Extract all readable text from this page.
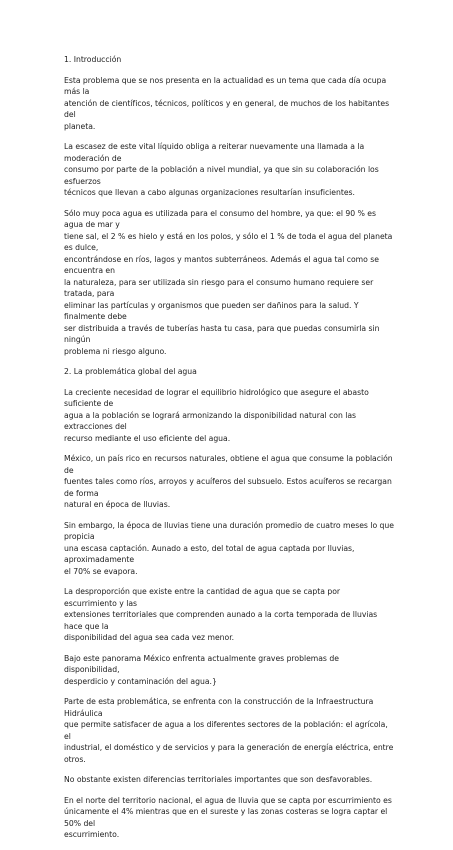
1. Introducción
Esta problema que se nos presenta en la actualidad es un tema que cada día ocupa más la
atención de científicos, técnicos, políticos y en general, de muchos de los habitantes del
planeta.
La escasez de este vital líquido obliga a reiterar nuevamente una llamada a la moderación de
consumo por parte de la población a nivel mundial, ya que sin su colaboración los esfuerzos
técnicos que llevan a cabo algunas organizaciones resultarían insuficientes.
Sólo muy poca agua es utilizada para el consumo del hombre, ya que: el 90 % es agua de mar y
tiene sal, el 2 % es hielo y está en los polos, y sólo el 1 % de toda el agua del planeta es dulce,
encontrándose en ríos, lagos y mantos subterráneos. Además el agua tal como se encuentra en
la naturaleza, para ser utilizada sin riesgo para el consumo humano requiere ser tratada, para
eliminar las partículas y organismos que pueden ser dañinos para la salud. Y finalmente debe
ser distribuida a través de tuberías hasta tu casa, para que puedas consumirla sin ningún
problema ni riesgo alguno.
2. La problemática global del agua
La creciente necesidad de lograr el equilibrio hidrológico que asegure el abasto suficiente de
agua a la población se logrará armonizando la disponibilidad natural con las extracciones del
recurso mediante el uso eficiente del agua.
México, un país rico en recursos naturales, obtiene el agua que consume la población de
fuentes tales como ríos, arroyos y acuíferos del subsuelo. Estos acuíferos se recargan de forma
natural en época de lluvias.
Sin embargo, la época de lluvias tiene una duración promedio de cuatro meses lo que propicia
una escasa captación. Aunado a esto, del total de agua captada por lluvias, aproximadamente
el 70% se evapora.
La desproporción que existe entre la cantidad de agua que se capta por escurrimiento y las
extensiones territoriales que comprenden aunado a la corta temporada de lluvias hace que la
disponibilidad del agua sea cada vez menor.
Bajo este panorama México enfrenta actualmente graves problemas de disponibilidad,
desperdicio y contaminación del agua.}
Parte de esta problemática, se enfrenta con la construcción de la Infraestructura Hidráulica
que permite satisfacer de agua a los diferentes sectores de la población: el agrícola, el
industrial, el doméstico y de servicios y para la generación de energía eléctrica, entre otros.
No obstante existen diferencias territoriales importantes que son desfavorables.
En el norte del territorio nacional, el agua de lluvia que se capta por escurrimiento es
únicamente el 4% mientras que en el sureste y las zonas costeras se logra captar el 50% del
escurrimiento.
